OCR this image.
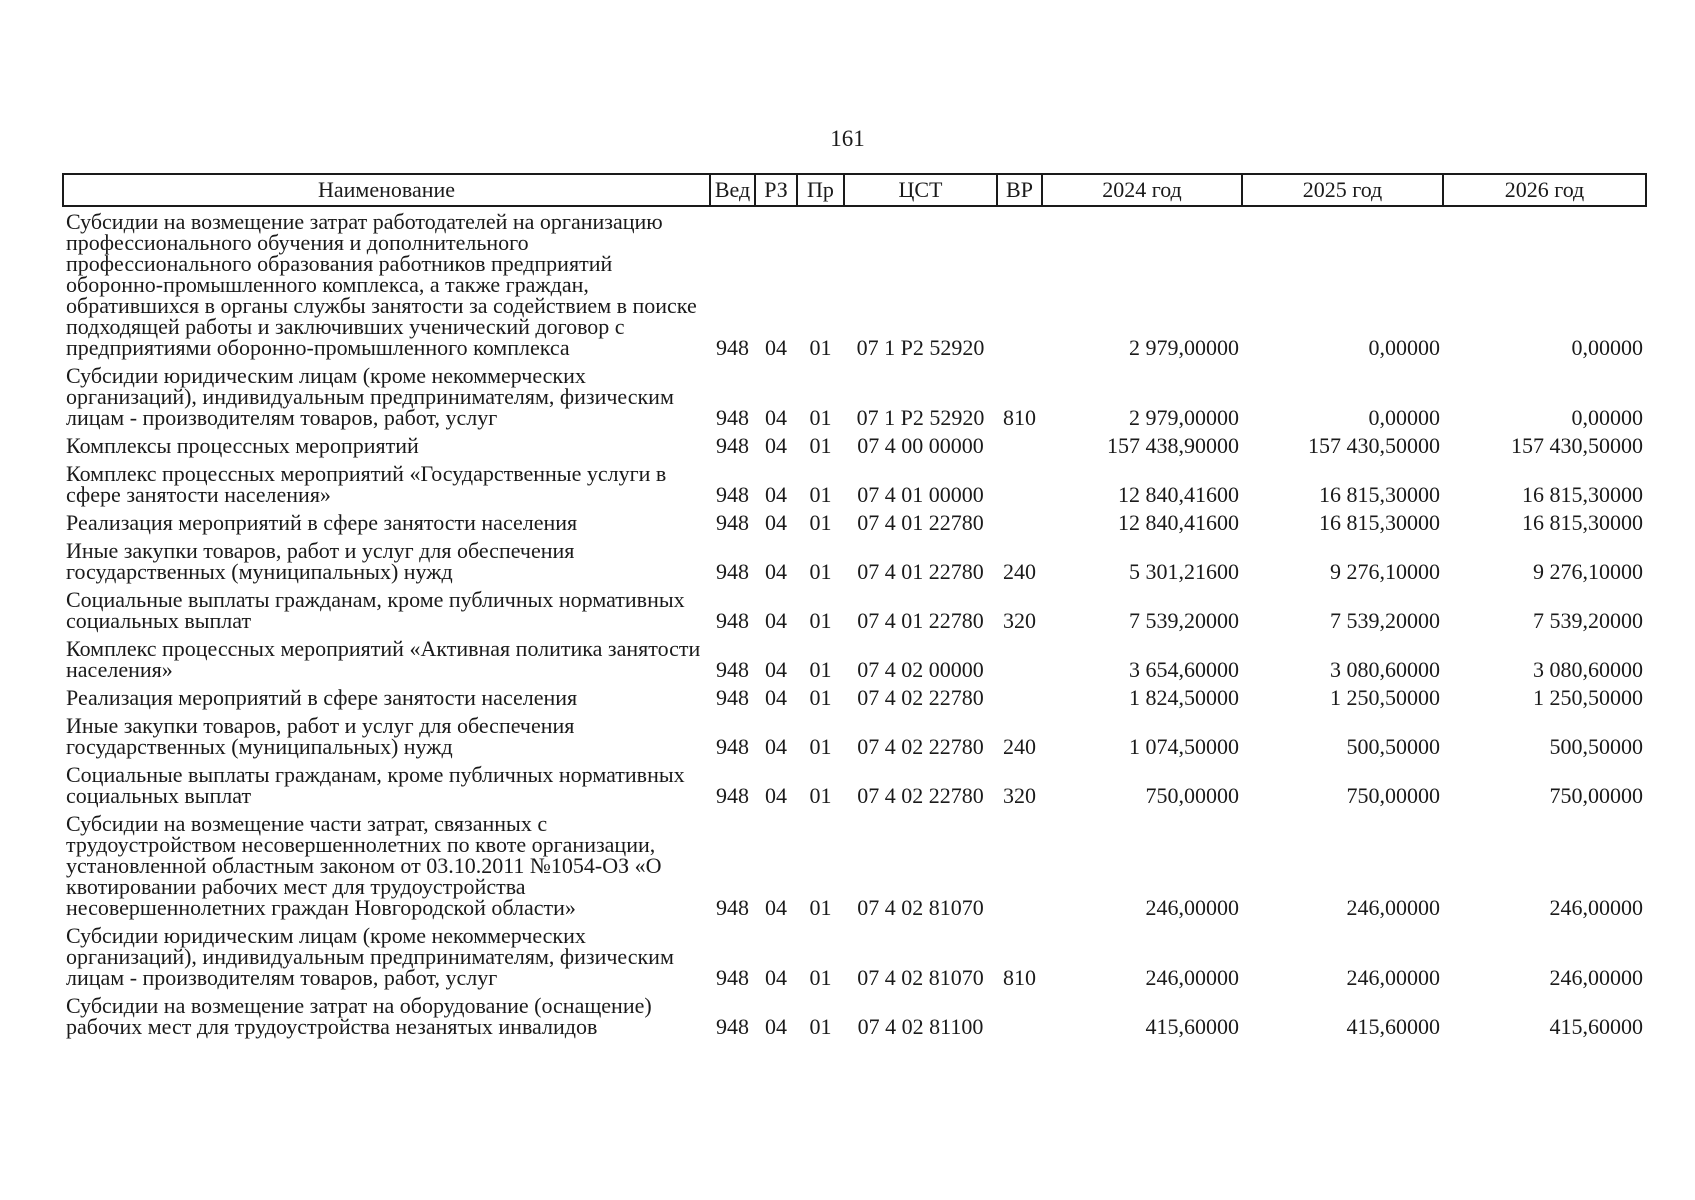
161
Наименование	Вед	РЗ	Пр	ЦСТ	ВР	2024 год	2025 год	2026 год
Субсидии на возмещение затрат работодателей на организацию профессионального обучения и дополнительного профессионального образования работников предприятий оборонно-промышленного комплекса, а также граждан, обратившихся в органы службы занятости за содействием в поиске подходящей работы и заключивших ученический договор с предприятиями оборонно-промышленного комплекса	948	04	01	07 1 Р2 52920		2 979,00000	0,00000	0,00000
Субсидии юридическим лицам (кроме некоммерческих организаций), индивидуальным предпринимателям, физическим лицам - производителям товаров, работ, услуг	948	04	01	07 1 Р2 52920	810	2 979,00000	0,00000	0,00000
Комплексы процессных мероприятий	948	04	01	07 4 00 00000		157 438,90000	157 430,50000	157 430,50000
Комплекс процессных мероприятий «Государственные услуги в сфере занятости населения»	948	04	01	07 4 01 00000		12 840,41600	16 815,30000	16 815,30000
Реализация мероприятий в сфере занятости населения	948	04	01	07 4 01 22780		12 840,41600	16 815,30000	16 815,30000
Иные закупки товаров, работ и услуг для обеспечения государственных (муниципальных) нужд	948	04	01	07 4 01 22780	240	5 301,21600	9 276,10000	9 276,10000
Социальные выплаты гражданам, кроме публичных нормативных социальных выплат	948	04	01	07 4 01 22780	320	7 539,20000	7 539,20000	7 539,20000
Комплекс процессных мероприятий «Активная политика занятости населения»	948	04	01	07 4 02 00000		3 654,60000	3 080,60000	3 080,60000
Реализация мероприятий в сфере занятости населения	948	04	01	07 4 02 22780		1 824,50000	1 250,50000	1 250,50000
Иные закупки товаров, работ и услуг для обеспечения государственных (муниципальных) нужд	948	04	01	07 4 02 22780	240	1 074,50000	500,50000	500,50000
Социальные выплаты гражданам, кроме публичных нормативных социальных выплат	948	04	01	07 4 02 22780	320	750,00000	750,00000	750,00000
Субсидии на возмещение части затрат, связанных с трудоустройством несовершеннолетних по квоте организации, установленной областным законом от 03.10.2011 №1054-ОЗ «О квотировании рабочих мест для трудоустройства несовершеннолетних граждан Новгородской области»	948	04	01	07 4 02 81070		246,00000	246,00000	246,00000
Субсидии юридическим лицам (кроме некоммерческих организаций), индивидуальным предпринимателям, физическим лицам - производителям товаров, работ, услуг	948	04	01	07 4 02 81070	810	246,00000	246,00000	246,00000
Субсидии на возмещение затрат на оборудование (оснащение) рабочих мест для трудоустройства незанятых инвалидов	948	04	01	07 4 02 81100		415,60000	415,60000	415,60000
